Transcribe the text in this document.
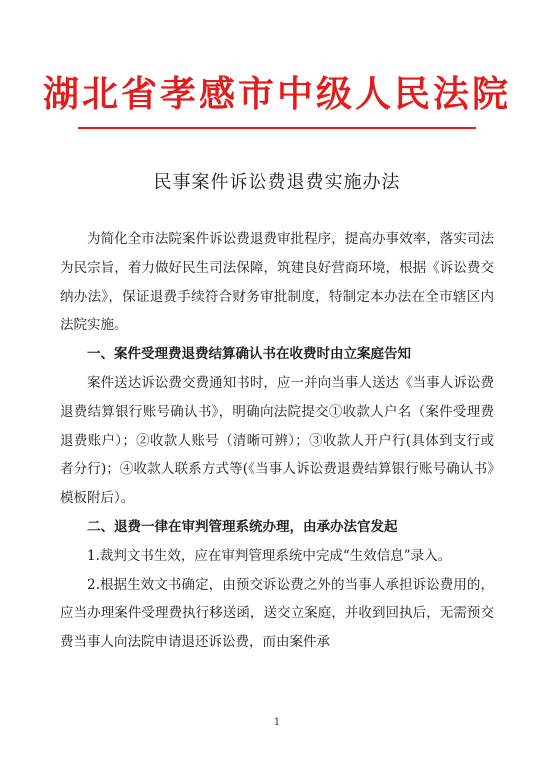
湖北省孝感市中级人民法院
民事案件诉讼费退费实施办法

为简化全市法院案件诉讼费退费审批程序，提高办事效率，落实司法为民宗旨，着力做好民生司法保障，筑建良好营商环境，根据《诉讼费交纳办法》，保证退费手续符合财务审批制度，特制定本办法在全市辖区内法院实施。

一、案件受理费退费结算确认书在收费时由立案庭告知

案件送达诉讼费交费通知书时，应一并向当事人送达《当事人诉讼费退费结算银行账号确认书》，明确向法院提交①收款人户名（案件受理费退费账户）；②收款人账号（清晰可辨）；③收款人开户行(具体到支行或者分行)；④收款人联系方式等(《当事人诉讼费退费结算银行账号确认书》模板附后）。

二、退费一律在审判管理系统办理，由承办法官发起

1.裁判文书生效，应在审判管理系统中完成“生效信息”录入。

2.根据生效文书确定，由预交诉讼费之外的当事人承担诉讼费用的，应当办理案件受理费执行移送函，送交立案庭，并收到回执后，无需预交费当事人向法院申请退还诉讼费，而由案件承

1
